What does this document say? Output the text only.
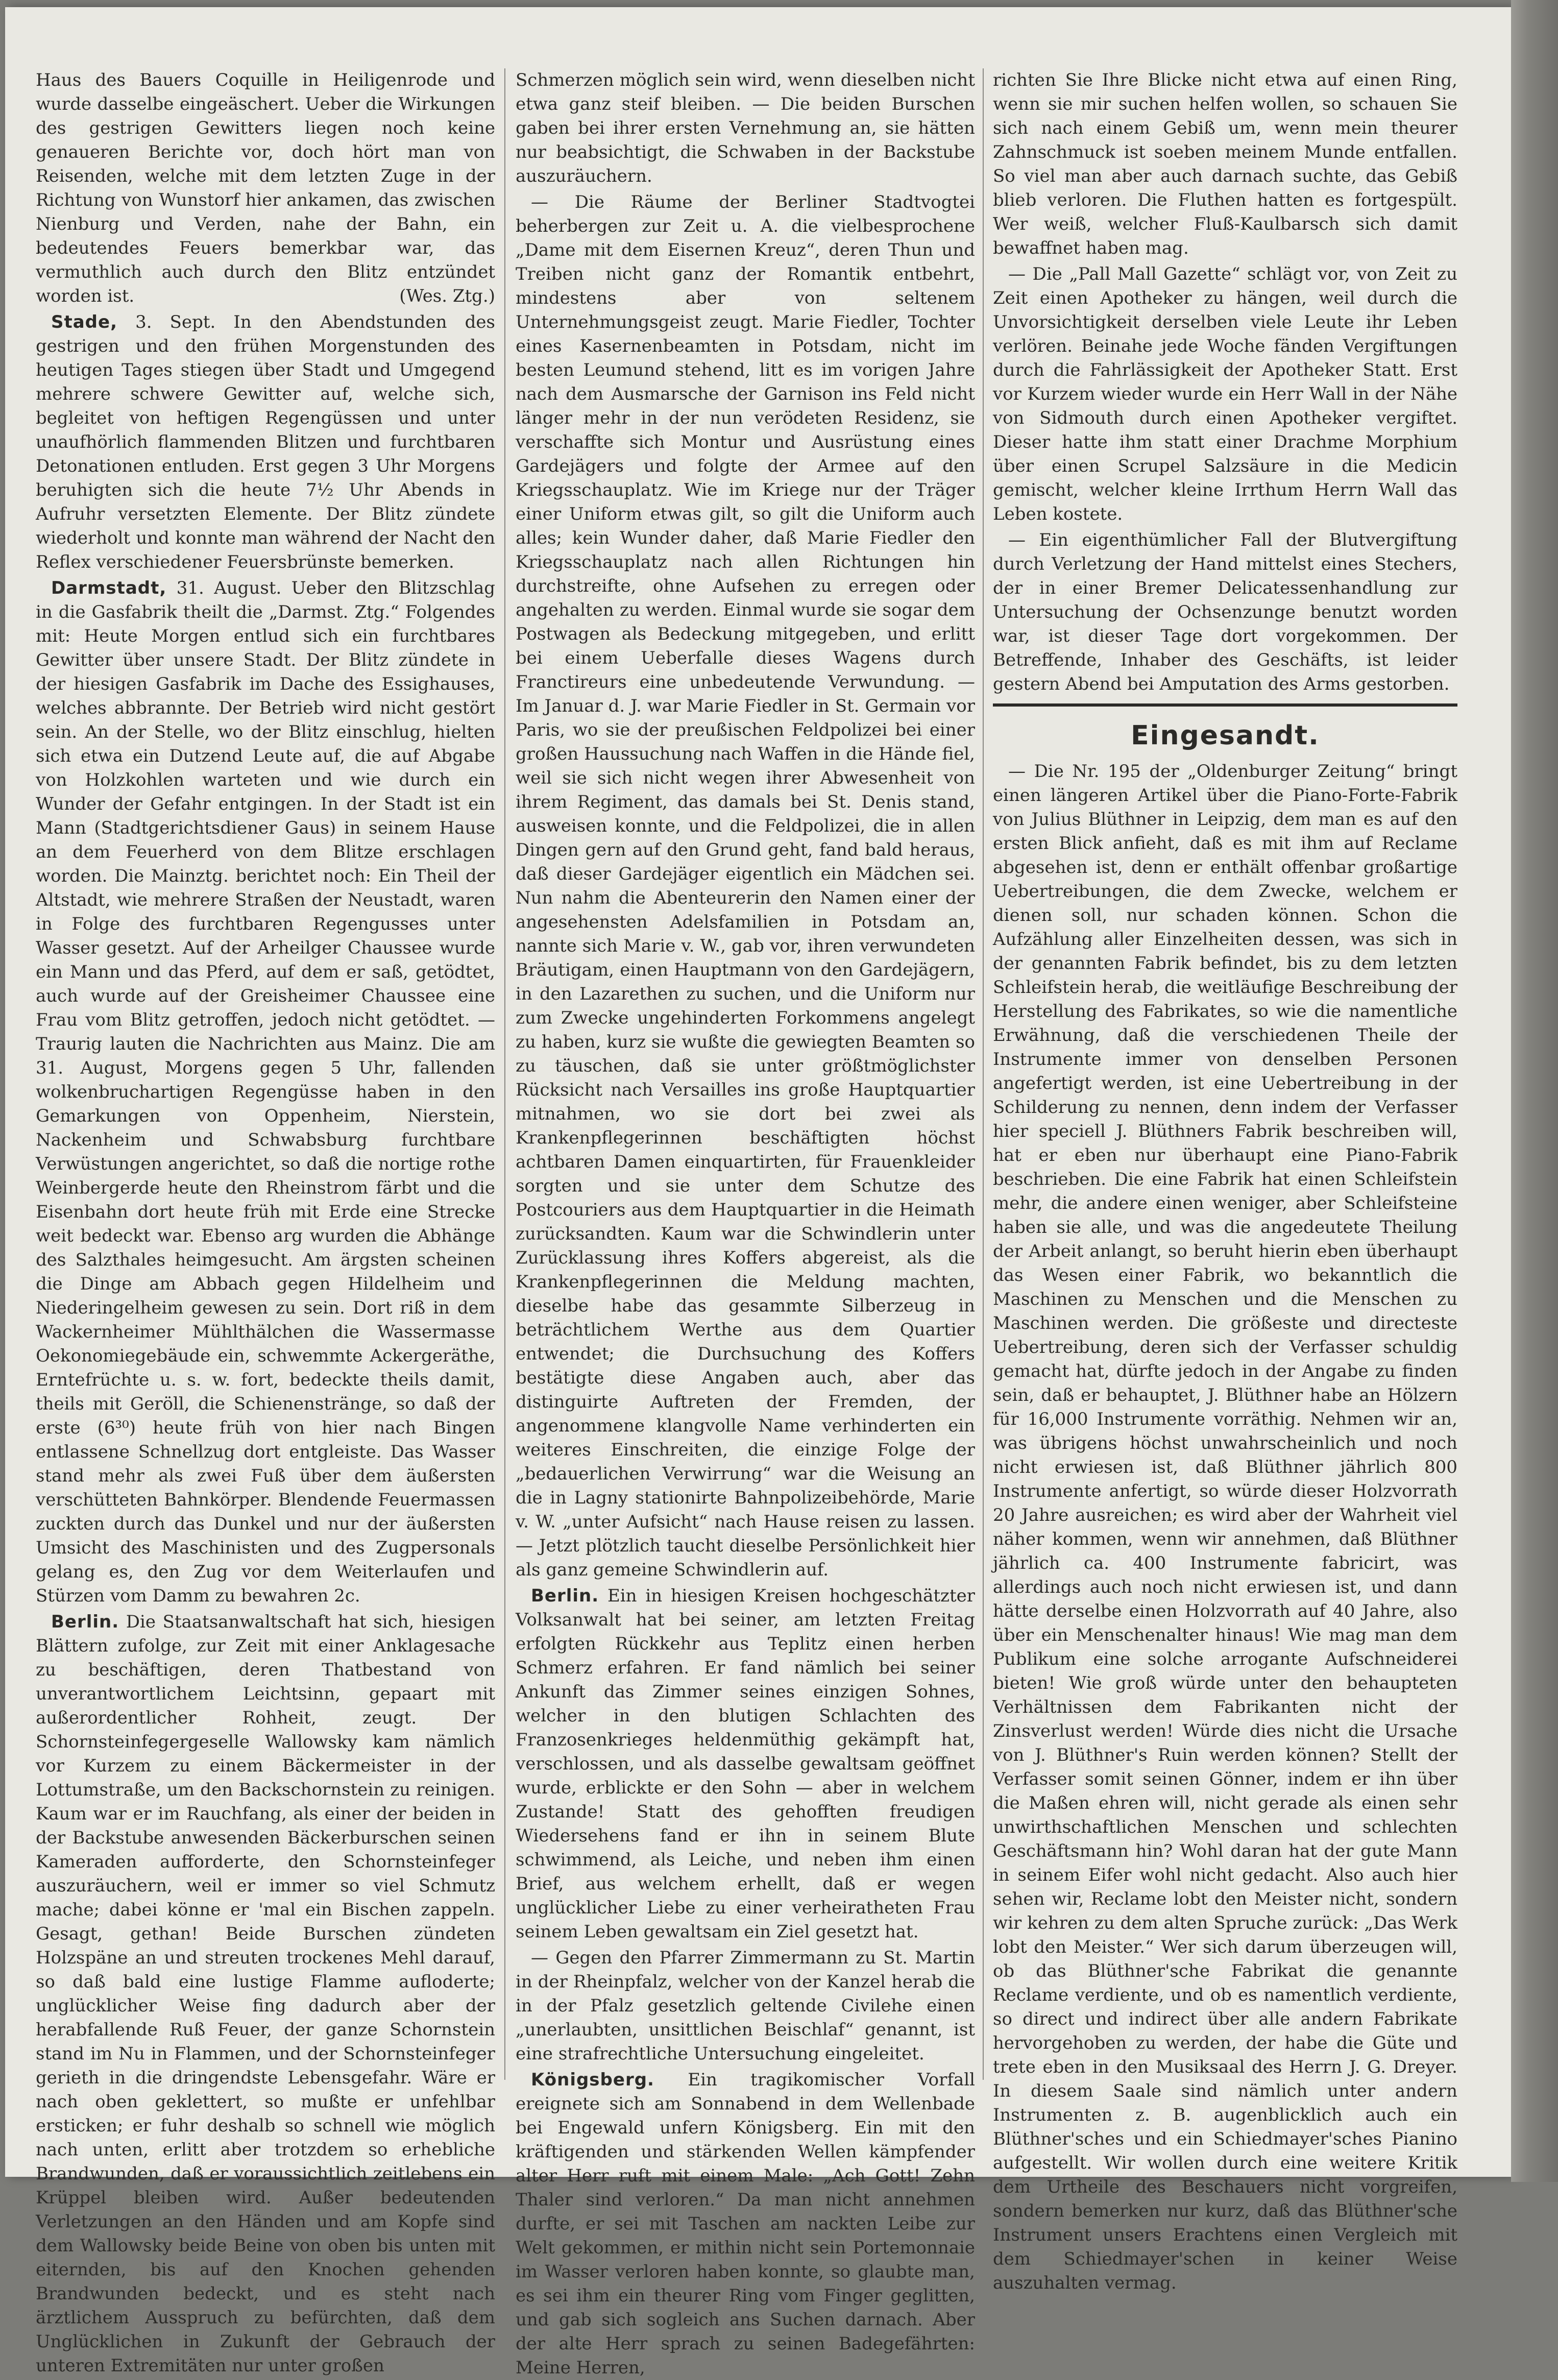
Haus des Bauers Coquille in Heiligenrode und wurde dasselbe eingeäschert. Ueber die Wirkungen des gestrigen Gewitters liegen noch keine genaueren Berichte vor, doch hört man von Reisenden, welche mit dem letzten Zuge in der Richtung von Wunstorf hier ankamen, das zwischen Nienburg und Verden, nahe der Bahn, ein bedeutendes Feuers bemerkbar war, das vermuthlich auch durch den Blitz entzündet worden ist.	(Wes. Ztg.)

Stade, 3. Sept. In den Abendstunden des gestrigen und den frühen Morgenstunden des heutigen Tages stiegen über Stadt und Umgegend mehrere schwere Gewitter auf, welche sich, begleitet von heftigen Regengüssen und unter unaufhörlich flammenden Blitzen und furchtbaren Detonationen entluden. Erst gegen 3 Uhr Morgens beruhigten sich die heute 7½ Uhr Abends in Aufruhr versetzten Elemente. Der Blitz zündete wiederholt und konnte man während der Nacht den Reflex verschiedener Feuersbrünste bemerken.

Darmstadt, 31. August. Ueber den Blitzschlag in die Gasfabrik theilt die „Darmst. Ztg.“ Folgendes mit: Heute Morgen entlud sich ein furchtbares Gewitter über unsere Stadt. Der Blitz zündete in der hiesigen Gasfabrik im Dache des Essighauses, welches abbrannte. Der Betrieb wird nicht gestört sein. An der Stelle, wo der Blitz einschlug, hielten sich etwa ein Dutzend Leute auf, die auf Abgabe von Holzkohlen warteten und wie durch ein Wunder der Gefahr entgingen. In der Stadt ist ein Mann (Stadtgerichtsdiener Gaus) in seinem Hause an dem Feuerherd von dem Blitze erschlagen worden. Die Mainztg. berichtet noch: Ein Theil der Altstadt, wie mehrere Straßen der Neustadt, waren in Folge des furchtbaren Regengusses unter Wasser gesetzt. Auf der Arheilger Chaussee wurde ein Mann und das Pferd, auf dem er saß, getödtet, auch wurde auf der Greisheimer Chaussee eine Frau vom Blitz getroffen, jedoch nicht getödtet. — Traurig lauten die Nachrichten aus Mainz. Die am 31. August, Morgens gegen 5 Uhr, fallenden wolkenbruchartigen Regengüsse haben in den Gemarkungen von Oppenheim, Nierstein, Nackenheim und Schwabsburg furchtbare Verwüstungen angerichtet, so daß die nortige rothe Weinbergerde heute den Rheinstrom färbt und die Eisenbahn dort heute früh mit Erde eine Strecke weit bedeckt war. Ebenso arg wurden die Abhänge des Salzthales heimgesucht. Am ärgsten scheinen die Dinge am Abbach gegen Hildelheim und Niederingelheim gewesen zu sein. Dort riß in dem Wackernheimer Mühlthälchen die Wassermasse Oekonomiegebäude ein, schwemmte Ackergeräthe, Erntefrüchte u. s. w. fort, bedeckte theils damit, theils mit Geröll, die Schienenstränge, so daß der erste (6³⁰) heute früh von hier nach Bingen entlassene Schnellzug dort entgleiste. Das Wasser stand mehr als zwei Fuß über dem äußersten verschütteten Bahnkörper. Blendende Feuermassen zuckten durch das Dunkel und nur der äußersten Umsicht des Maschinisten und des Zugpersonals gelang es, den Zug vor dem Weiterlaufen und Stürzen vom Damm zu bewahren 2c.

Berlin. Die Staatsanwaltschaft hat sich, hiesigen Blättern zufolge, zur Zeit mit einer Anklagesache zu beschäftigen, deren Thatbestand von unverantwortlichem Leichtsinn, gepaart mit außerordentlicher Rohheit, zeugt. Der Schornsteinfegergeselle Wallowsky kam nämlich vor Kurzem zu einem Bäckermeister in der Lottumstraße, um den Backschornstein zu reinigen. Kaum war er im Rauchfang, als einer der beiden in der Backstube anwesenden Bäckerburschen seinen Kameraden aufforderte, den Schornsteinfeger auszuräuchern, weil er immer so viel Schmutz mache; dabei könne er 'mal ein Bischen zappeln. Gesagt, gethan! Beide Burschen zündeten Holzspäne an und streuten trockenes Mehl darauf, so daß bald eine lustige Flamme aufloderte; unglücklicher Weise fing dadurch aber der herabfallende Ruß Feuer, der ganze Schornstein stand im Nu in Flammen, und der Schornsteinfeger gerieth in die dringendste Lebensgefahr. Wäre er nach oben geklettert, so mußte er unfehlbar ersticken; er fuhr deshalb so schnell wie möglich nach unten, erlitt aber trotzdem so erhebliche Brandwunden, daß er voraussichtlich zeitlebens ein Krüppel bleiben wird. Außer bedeutenden Verletzungen an den Händen und am Kopfe sind dem Wallowsky beide Beine von oben bis unten mit eiternden, bis auf den Knochen gehenden Brandwunden bedeckt, und es steht nach ärztlichem Ausspruch zu befürchten, daß dem Unglücklichen in Zukunft der Gebrauch der unteren Extremitäten nur unter großen

Schmerzen möglich sein wird, wenn dieselben nicht etwa ganz steif bleiben. — Die beiden Burschen gaben bei ihrer ersten Vernehmung an, sie hätten nur beabsichtigt, die Schwaben in der Backstube auszuräuchern.

— Die Räume der Berliner Stadtvogtei beherbergen zur Zeit u. A. die vielbesprochene „Dame mit dem Eisernen Kreuz“, deren Thun und Treiben nicht ganz der Romantik entbehrt, mindestens aber von seltenem Unternehmungsgeist zeugt. Marie Fiedler, Tochter eines Kasernenbeamten in Potsdam, nicht im besten Leumund stehend, litt es im vorigen Jahre nach dem Ausmarsche der Garnison ins Feld nicht länger mehr in der nun verödeten Residenz, sie verschaffte sich Montur und Ausrüstung eines Gardejägers und folgte der Armee auf den Kriegsschauplatz. Wie im Kriege nur der Träger einer Uniform etwas gilt, so gilt die Uniform auch alles; kein Wunder daher, daß Marie Fiedler den Kriegsschauplatz nach allen Richtungen hin durchstreifte, ohne Aufsehen zu erregen oder angehalten zu werden. Einmal wurde sie sogar dem Postwagen als Bedeckung mitgegeben, und erlitt bei einem Ueberfalle dieses Wagens durch Franctireurs eine unbedeutende Verwundung. — Im Januar d. J. war Marie Fiedler in St. Germain vor Paris, wo sie der preußischen Feldpolizei bei einer großen Haussuchung nach Waffen in die Hände fiel, weil sie sich nicht wegen ihrer Abwesenheit von ihrem Regiment, das damals bei St. Denis stand, ausweisen konnte, und die Feldpolizei, die in allen Dingen gern auf den Grund geht, fand bald heraus, daß dieser Gardejäger eigentlich ein Mädchen sei. Nun nahm die Abenteurerin den Namen einer der angesehensten Adelsfamilien in Potsdam an, nannte sich Marie v. W., gab vor, ihren verwundeten Bräutigam, einen Hauptmann von den Gardejägern, in den Lazarethen zu suchen, und die Uniform nur zum Zwecke ungehinderten Forkommens angelegt zu haben, kurz sie wußte die gewiegten Beamten so zu täuschen, daß sie unter größtmöglichster Rücksicht nach Versailles ins große Hauptquartier mitnahmen, wo sie dort bei zwei als Krankenpflegerinnen beschäftigten höchst achtbaren Damen einquartirten, für Frauenkleider sorgten und sie unter dem Schutze des Postcouriers aus dem Hauptquartier in die Heimath zurücksandten. Kaum war die Schwindlerin unter Zurücklassung ihres Koffers abgereist, als die Krankenpflegerinnen die Meldung machten, dieselbe habe das gesammte Silberzeug in beträchtlichem Werthe aus dem Quartier entwendet; die Durchsuchung des Koffers bestätigte diese Angaben auch, aber das distinguirte Auftreten der Fremden, der angenommene klangvolle Name verhinderten ein weiteres Einschreiten, die einzige Folge der „bedauerlichen Verwirrung“ war die Weisung an die in Lagny stationirte Bahnpolizeibehörde, Marie v. W. „unter Aufsicht“ nach Hause reisen zu lassen. — Jetzt plötzlich taucht dieselbe Persönlichkeit hier als ganz gemeine Schwindlerin auf.

Berlin. Ein in hiesigen Kreisen hochgeschätzter Volksanwalt hat bei seiner, am letzten Freitag erfolgten Rückkehr aus Teplitz einen herben Schmerz erfahren. Er fand nämlich bei seiner Ankunft das Zimmer seines einzigen Sohnes, welcher in den blutigen Schlachten des Franzosenkrieges heldenmüthig gekämpft hat, verschlossen, und als dasselbe gewaltsam geöffnet wurde, erblickte er den Sohn — aber in welchem Zustande! Statt des gehofften freudigen Wiedersehens fand er ihn in seinem Blute schwimmend, als Leiche, und neben ihm einen Brief, aus welchem erhellt, daß er wegen unglücklicher Liebe zu einer verheiratheten Frau seinem Leben gewaltsam ein Ziel gesetzt hat.

— Gegen den Pfarrer Zimmermann zu St. Martin in der Rheinpfalz, welcher von der Kanzel herab die in der Pfalz gesetzlich geltende Civilehe einen „unerlaubten, unsittlichen Beischlaf“ genannt, ist eine strafrechtliche Untersuchung eingeleitet.

Königsberg. Ein tragikomischer Vorfall ereignete sich am Sonnabend in dem Wellenbade bei Engewald unfern Königsberg. Ein mit den kräftigenden und stärkenden Wellen kämpfender alter Herr ruft mit einem Male: „Ach Gott! Zehn Thaler sind verloren.“ Da man nicht annehmen durfte, er sei mit Taschen am nackten Leibe zur Welt gekommen, er mithin nicht sein Portemonnaie im Wasser verloren haben konnte, so glaubte man, es sei ihm ein theurer Ring vom Finger geglitten, und gab sich sogleich ans Suchen darnach. Aber der alte Herr sprach zu seinen Badegefährten: Meine Herren,

richten Sie Ihre Blicke nicht etwa auf einen Ring, wenn sie mir suchen helfen wollen, so schauen Sie sich nach einem Gebiß um, wenn mein theurer Zahnschmuck ist soeben meinem Munde entfallen. So viel man aber auch darnach suchte, das Gebiß blieb verloren. Die Fluthen hatten es fortgespült. Wer weiß, welcher Fluß-Kaulbarsch sich damit bewaffnet haben mag.

— Die „Pall Mall Gazette“ schlägt vor, von Zeit zu Zeit einen Apotheker zu hängen, weil durch die Unvorsichtigkeit derselben viele Leute ihr Leben verlören. Beinahe jede Woche fänden Vergiftungen durch die Fahrlässigkeit der Apotheker Statt. Erst vor Kurzem wieder wurde ein Herr Wall in der Nähe von Sidmouth durch einen Apotheker vergiftet. Dieser hatte ihm statt einer Drachme Morphium über einen Scrupel Salzsäure in die Medicin gemischt, welcher kleine Irrthum Herrn Wall das Leben kostete.

— Ein eigenthümlicher Fall der Blutvergiftung durch Verletzung der Hand mittelst eines Stechers, der in einer Bremer Delicatessenhandlung zur Untersuchung der Ochsenzunge benutzt worden war, ist dieser Tage dort vorgekommen. Der Betreffende, Inhaber des Geschäfts, ist leider gestern Abend bei Amputation des Arms gestorben.

Eingesandt.

— Die Nr. 195 der „Oldenburger Zeitung“ bringt einen längeren Artikel über die Piano-Forte-Fabrik von Julius Blüthner in Leipzig, dem man es auf den ersten Blick anfieht, daß es mit ihm auf Reclame abgesehen ist, denn er enthält offenbar großartige Uebertreibungen, die dem Zwecke, welchem er dienen soll, nur schaden können. Schon die Aufzählung aller Einzelheiten dessen, was sich in der genannten Fabrik befindet, bis zu dem letzten Schleifstein herab, die weitläufige Beschreibung der Herstellung des Fabrikates, so wie die namentliche Erwähnung, daß die verschiedenen Theile der Instrumente immer von denselben Personen angefertigt werden, ist eine Uebertreibung in der Schilderung zu nennen, denn indem der Verfasser hier speciell J. Blüthners Fabrik beschreiben will, hat er eben nur überhaupt eine Piano-Fabrik beschrieben. Die eine Fabrik hat einen Schleifstein mehr, die andere einen weniger, aber Schleifsteine haben sie alle, und was die angedeutete Theilung der Arbeit anlangt, so beruht hierin eben überhaupt das Wesen einer Fabrik, wo bekanntlich die Maschinen zu Menschen und die Menschen zu Maschinen werden. Die größeste und directeste Uebertreibung, deren sich der Verfasser schuldig gemacht hat, dürfte jedoch in der Angabe zu finden sein, daß er behauptet, J. Blüthner habe an Hölzern für 16,000 Instrumente vorräthig. Nehmen wir an, was übrigens höchst unwahrscheinlich und noch nicht erwiesen ist, daß Blüthner jährlich 800 Instrumente anfertigt, so würde dieser Holzvorrath 20 Jahre ausreichen; es wird aber der Wahrheit viel näher kommen, wenn wir annehmen, daß Blüthner jährlich ca. 400 Instrumente fabricirt, was allerdings auch noch nicht erwiesen ist, und dann hätte derselbe einen Holzvorrath auf 40 Jahre, also über ein Menschenalter hinaus! Wie mag man dem Publikum eine solche arrogante Aufschneiderei bieten! Wie groß würde unter den behaupteten Verhältnissen dem Fabrikanten nicht der Zinsverlust werden! Würde dies nicht die Ursache von J. Blüthner's Ruin werden können? Stellt der Verfasser somit seinen Gönner, indem er ihn über die Maßen ehren will, nicht gerade als einen sehr unwirthschaftlichen Menschen und schlechten Geschäftsmann hin? Wohl daran hat der gute Mann in seinem Eifer wohl nicht gedacht. Also auch hier sehen wir, Reclame lobt den Meister nicht, sondern wir kehren zu dem alten Spruche zurück: „Das Werk lobt den Meister.“ Wer sich darum überzeugen will, ob das Blüthner'sche Fabrikat die genannte Reclame verdiente, und ob es namentlich verdiente, so direct und indirect über alle andern Fabrikate hervorgehoben zu werden, der habe die Güte und trete eben in den Musiksaal des Herrn J. G. Dreyer. In diesem Saale sind nämlich unter andern Instrumenten z. B. augenblicklich auch ein Blüthner'sches und ein Schiedmayer'sches Pianino aufgestellt. Wir wollen durch eine weitere Kritik dem Urtheile des Beschauers nicht vorgreifen, sondern bemerken nur kurz, daß das Blüthner'sche Instrument unsers Erachtens einen Vergleich mit dem Schiedmayer'schen in keiner Weise auszuhalten vermag.
